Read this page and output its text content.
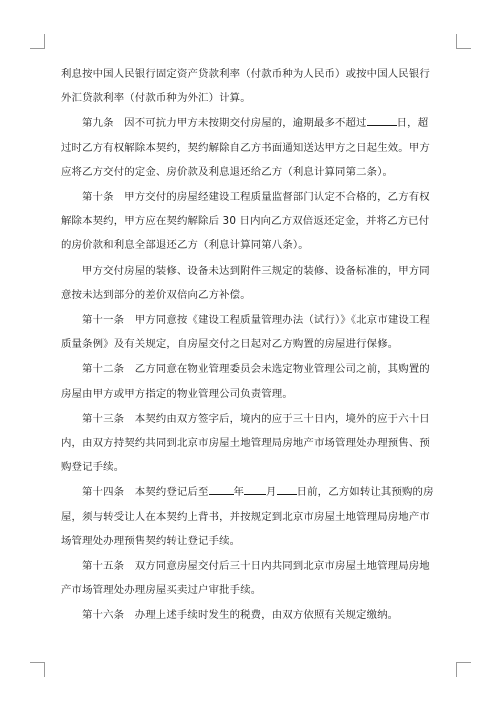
利息按中国人民银行固定资产贷款利率（付款币种为人民币）或按中国人民银行外汇贷款利率（付款币种为外汇）计算。

第九条　因不可抗力甲方未按期交付房屋的，逾期最多不超过	日，超过时乙方有权解除本契约，契约解除自乙方书面通知送达甲方之日起生效。甲方应将乙方交付的定金、房价款及利息退还给乙方（利息计算同第二条）。

第十条　甲方交付的房屋经建设工程质量监督部门认定不合格的，乙方有权解除本契约，甲方应在契约解除后 30 日内向乙方双倍返还定金，并将乙方已付的房价款和利息全部退还乙方（利息计算同第八条）。

甲方交付房屋的装修、设备未达到附件三规定的装修、设备标准的，甲方同意按未达到部分的差价双倍向乙方补偿。

第十一条　甲方同意按《建设工程质量管理办法（试行）》《北京市建设工程质量条例》及有关规定，自房屋交付之日起对乙方购置的房屋进行保修。

第十二条　乙方同意在物业管理委员会未选定物业管理公司之前，其购置的房屋由甲方或甲方指定的物业管理公司负责管理。

第十三条　本契约由双方签字后，境内的应于三十日内，境外的应于六十日内，由双方持契约共同到北京市房屋土地管理局房地产市场管理处办理预售、预购登记手续。

第十四条　本契约登记后至 年 月 日前，乙方如转让其预购的房屋，须与转受让人在本契约上背书，并按规定到北京市房屋土地管理局房地产市场管理处办理预售契约转让登记手续。

第十五条　双方同意房屋交付后三十日内共同到北京市房屋土地管理局房地产市场管理处办理房屋买卖过户审批手续。

第十六条　办理上述手续时发生的税费，由双方依照有关规定缴纳。
